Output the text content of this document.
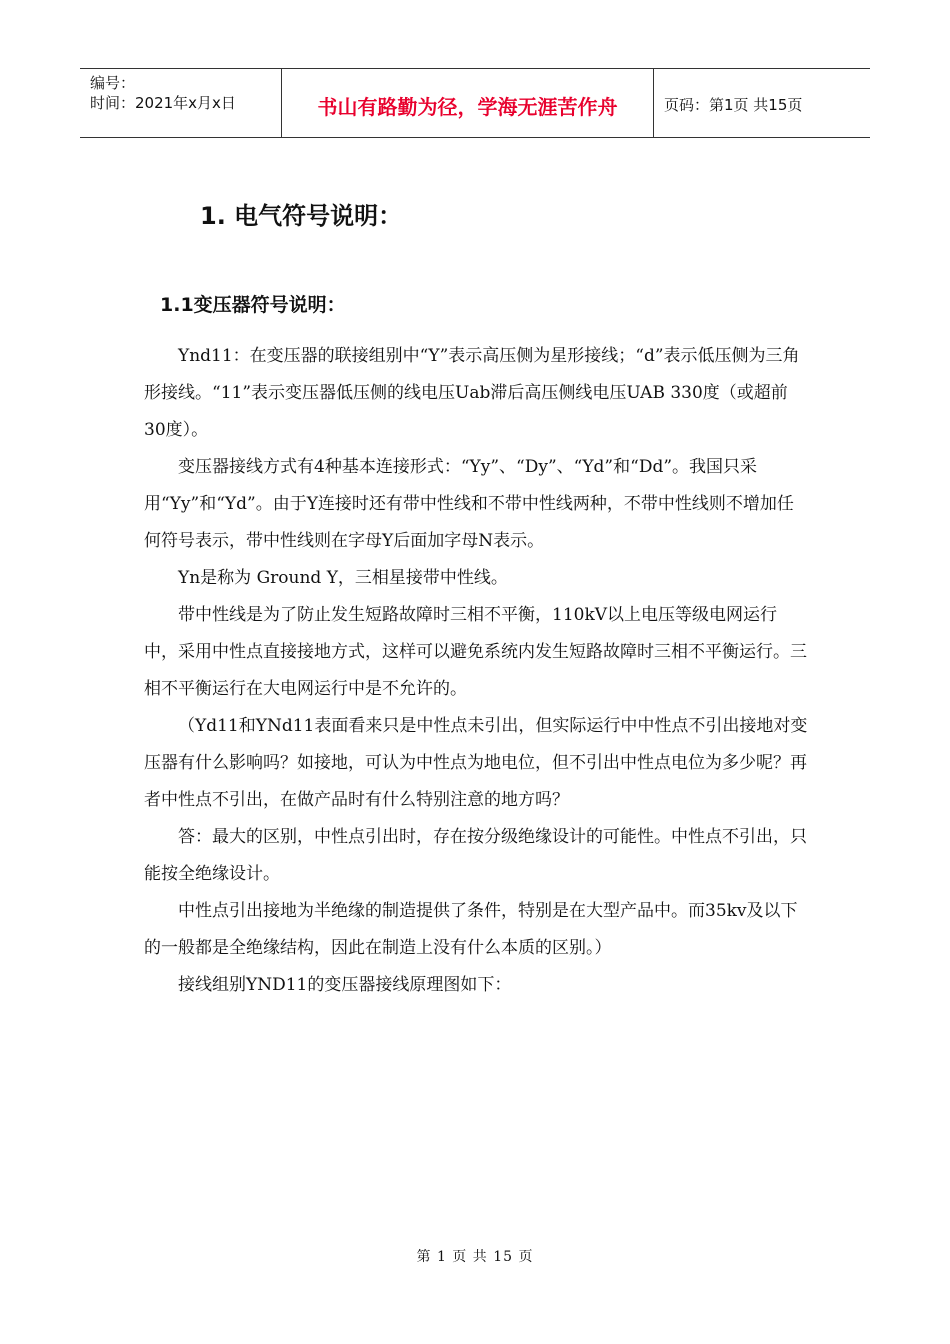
编号：
时间：2021年x月x日	书山有路勤为径，学海无涯苦作舟	页码：第1页 共15页
1. 电气符号说明：
1.1变压器符号说明：

Ynd11：在变压器的联接组别中“Y”表示高压侧为星形接线；“d”表示低压侧为三角形接线。“11”表示变压器低压侧的线电压Uab滞后高压侧线电压UAB 330度（或超前30度）。

变压器接线方式有4种基本连接形式：“Yy”、“Dy”、“Yd”和“Dd”。我国只采用“Yy”和“Yd”。由于Y连接时还有带中性线和不带中性线两种，不带中性线则不增加任何符号表示，带中性线则在字母Y后面加字母N表示。

Yn是称为 Ground Y，三相星接带中性线。

带中性线是为了防止发生短路故障时三相不平衡，110kV以上电压等级电网运行中，采用中性点直接接地方式，这样可以避免系统内发生短路故障时三相不平衡运行。三相不平衡运行在大电网运行中是不允许的。

（Yd11和YNd11表面看来只是中性点未引出，但实际运行中中性点不引出接地对变压器有什么影响吗？如接地，可认为中性点为地电位，但不引出中性点电位为多少呢？再者中性点不引出，在做产品时有什么特别注意的地方吗？

答：最大的区别，中性点引出时，存在按分级绝缘设计的可能性。中性点不引出，只能按全绝缘设计。

中性点引出接地为半绝缘的制造提供了条件，特别是在大型产品中。而35kv及以下的一般都是全绝缘结构，因此在制造上没有什么本质的区别。）

接线组别YND11的变压器接线原理图如下：

第 1 页 共 15 页
